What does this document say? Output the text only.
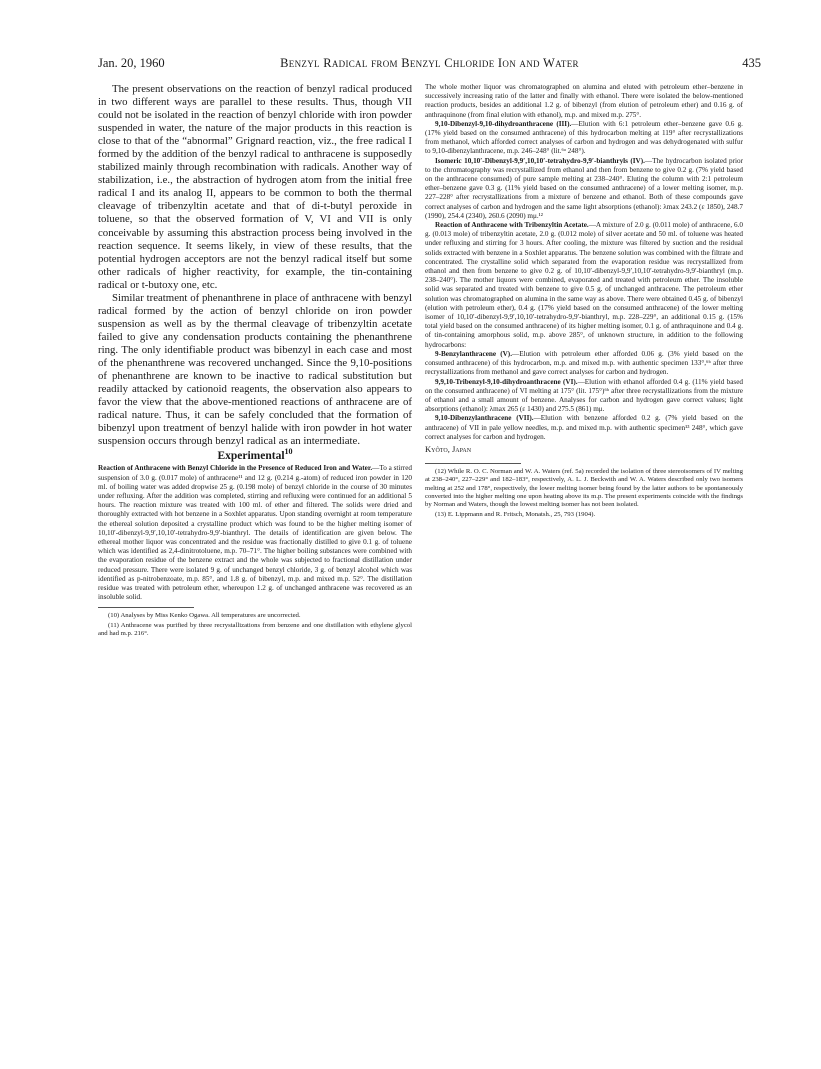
Jan. 20, 1960	Benzyl Radical from Benzyl Chloride Ion and Water	435

The present observations on the reaction of benzyl radical produced in two different ways are parallel to these results. Thus, though VII could not be isolated in the reaction of benzyl chloride with iron powder suspended in water, the nature of the major products in this reaction is close to that of the “abnormal” Grignard reaction, viz., the free radical I formed by the addition of the benzyl radical to anthracene is supposedly stabilized mainly through recombination with radicals. Another way of stabilization, i.e., the abstraction of hydrogen atom from the initial free radical I and its analog II, appears to be common to both the thermal cleavage of tribenzyltin acetate and that of di-t-butyl peroxide in toluene, so that the observed formation of V, VI and VII is only conceivable by assuming this abstraction process being involved in the reaction sequence. It seems likely, in view of these results, that the potential hydrogen acceptors are not the benzyl radical itself but some other radicals of higher reactivity, for example, the tin-containing radical or t-butoxy one, etc.

Similar treatment of phenanthrene in place of anthracene with benzyl radical formed by the action of benzyl chloride on iron powder suspension as well as by the thermal cleavage of tribenzyltin acetate failed to give any condensation products containing the phenanthrene ring. The only identifiable product was bibenzyl in each case and most of the phenanthrene was recovered unchanged. Since the 9,10-positions of phenanthrene are known to be inactive to radical substitution but readily attacked by cationoid reagents, the observation also appears to favor the view that the above-mentioned reactions of anthracene are of radical nature. Thus, it can be safely concluded that the formation of bibenzyl upon treatment of benzyl halide with iron powder in hot water suspension occurs through benzyl radical as an intermediate.

Experimental$^{10}$

Reaction of Anthracene with Benzyl Chloride in the Presence of Reduced Iron and Water.—To a stirred suspension of 3.0 g. (0.017 mole) of anthracene¹¹ and 12 g. (0.214 g.-atom) of reduced iron powder in 120 ml. of boiling water was added dropwise 25 g. (0.198 mole) of benzyl chloride in the course of 30 minutes under refluxing. After the addition was completed, stirring and refluxing were continued for an additional 5 hours. The reaction mixture was treated with 100 ml. of ether and filtered. The solids were dried and thoroughly extracted with hot benzene in a Soxhlet apparatus. Upon standing overnight at room temperature the ethereal solution deposited a crystalline product which was found to be the higher melting isomer of 10,10′-dibenzyl-9,9′,10,10′-tetrahydro-9,9′-bianthryl. The details of identification are given below. The ethereal mother liquor was concentrated and the residue was fractionally distilled to give 0.1 g. of toluene which was identified as 2,4-dinitrotoluene, m.p. 70–71°. The higher boiling substances were combined with the evaporation residue of the benzene extract and the whole was subjected to fractional distillation under reduced pressure. There were isolated 9 g. of unchanged benzyl chloride, 3 g. of benzyl alcohol which was identified as p-nitrobenzoate, m.p. 85°, and 1.8 g. of bibenzyl, m.p. and mixed m.p. 52°. The distillation residue was treated with petroleum ether, whereupon 1.2 g. of unchanged anthracene was recovered as an insoluble solid.

(10) Analyses by Miss Kenko Ogawa. All temperatures are uncorrected.

(11) Anthracene was purified by three recrystallizations from benzene and one distillation with ethylene glycol and had m.p. 216°.

The whole mother liquor was chromatographed on alumina and eluted with petroleum ether–benzene in successively increasing ratio of the latter and finally with ethanol. There were isolated the below-mentioned reaction products, besides an additional 1.2 g. of bibenzyl (from elution of petroleum ether) and 0.16 g. of anthraquinone (from final elution with ethanol), m.p. and mixed m.p. 275°.

9,10-Dibenzyl-9,10-dihydroanthracene (III).—Elution with 6:1 petroleum ether–benzene gave 0.6 g. (17% yield based on the consumed anthracene) of this hydrocarbon melting at 119° after recrystallizations from methanol, which afforded correct analyses of carbon and hydrogen and was dehydrogenated with sulfur to 9,10-dibenzylanthracene, m.p. 246–248° (lit.⁶ᵃ 248°).

Isomeric 10,10′-Dibenzyl-9,9′,10,10′-tetrahydro-9,9′-bianthryls (IV).—The hydrocarbon isolated prior to the chromatography was recrystallized from ethanol and then from benzene to give 0.2 g. (7% yield based on the anthracene consumed) of pure sample melting at 238–240°. Eluting the column with 2:1 petroleum ether–benzene gave 0.3 g. (11% yield based on the consumed anthracene) of a lower melting isomer, m.p. 227–228° after recrystallizations from a mixture of benzene and ethanol. Both of these compounds gave correct analyses of carbon and hydrogen and the same light absorptions (ethanol): λmax 243.2 (ε 1850), 248.7 (1990), 254.4 (2340), 260.6 (2090) mμ.¹²

Reaction of Anthracene with Tribenzyltin Acetate.—A mixture of 2.0 g. (0.011 mole) of anthracene, 6.0 g. (0.013 mole) of tribenzyltin acetate, 2.0 g. (0.012 mole) of silver acetate and 50 ml. of toluene was heated under refluxing and stirring for 3 hours. After cooling, the mixture was filtered by suction and the residual solids extracted with benzene in a Soxhlet apparatus. The benzene solution was combined with the filtrate and concentrated. The crystalline solid which separated from the evaporation residue was recrystallized from ethanol and then from benzene to give 0.2 g. of 10,10′-dibenzyl-9,9′,10,10′-tetrahydro-9,9′-bianthryl (m.p. 238–240°). The mother liquors were combined, evaporated and treated with petroleum ether. The insoluble solid was separated and treated with benzene to give 0.5 g. of unchanged anthracene. The petroleum ether solution was chromatographed on alumina in the same way as above. There were obtained 0.45 g. of bibenzyl (elution with petroleum ether), 0.4 g. (17% yield based on the consumed anthracene) of the lower melting isomer of 10,10′-dibenzyl-9,9′,10,10′-tetrahydro-9,9′-bianthryl, m.p. 228–229°, an additional 0.15 g. (15% total yield based on the consumed anthracene) of its higher melting isomer, 0.1 g. of anthraquinone and 0.4 g. of tin-containing amorphous solid, m.p. above 285°, of unknown structure, in addition to the following hydrocarbons:

9-Benzylanthracene (V).—Elution with petroleum ether afforded 0.06 g. (3% yield based on the consumed anthracene) of this hydrocarbon, m.p. and mixed m.p. with authentic specimen 133°,⁶ᵇ after three recrystallizations from methanol and gave correct analyses for carbon and hydrogen.

9,9,10-Tribenzyl-9,10-dihydroanthracene (VI).—Elution with ethanol afforded 0.4 g. (11% yield based on the consumed anthracene) of VI melting at 175° (lit. 175°)⁶ᵇ after three recrystallizations from the mixture of ethanol and a small amount of benzene. Analyses for carbon and hydrogen gave correct values; light absorptions (ethanol): λmax 265 (ε 1430) and 275.5 (861) mμ.

9,10-Dibenzylanthracene (VII).—Elution with benzene afforded 0.2 g. (7% yield based on the anthracene) of VII in pale yellow needles, m.p. and mixed m.p. with authentic specimen¹³ 248°, which gave correct analyses for carbon and hydrogen.

Kyôto, Japan

(12) While R. O. C. Norman and W. A. Waters (ref. 5a) recorded the isolation of three stereoisomers of IV melting at 238–240°, 227–229° and 182–183°, respectively, A. L. J. Beckwith and W. A. Waters described only two isomers melting at 252 and 178°, respectively, the lower melting isomer being found by the latter authors to be spontaneously converted into the higher melting one upon heating above its m.p. The present experiments coincide with the findings by Norman and Waters, though the lowest melting isomer has not been isolated.

(13) E. Lippmann and R. Fritsch, Monatsh., 25, 793 (1904).
